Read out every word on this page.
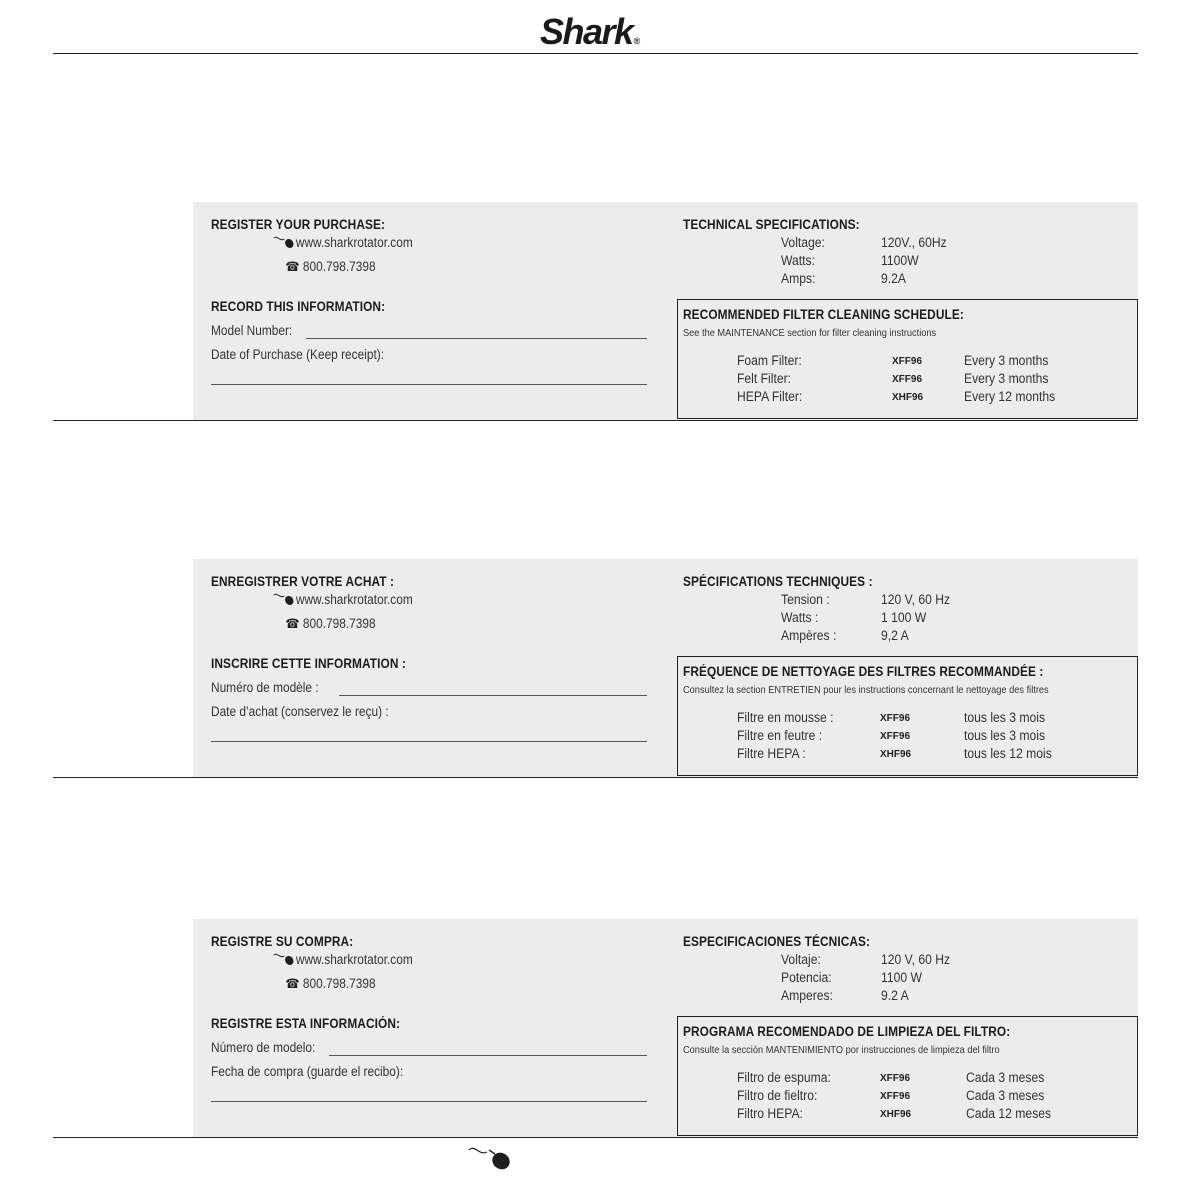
Shark®
REGISTER YOUR PURCHASE:
www.sharkrotator.com
☎ 800.798.7398
RECORD THIS INFORMATION:
Model Number:
Date of Purchase (Keep receipt):
TECHNICAL SPECIFICATIONS:
Voltage:	120V., 60Hz
Watts:	1100W
Amps:	9.2A
RECOMMENDED FILTER CLEANING SCHEDULE:
See the MAINTENANCE section for filter cleaning instructions
Foam Filter:	XFF96	Every 3 months
Felt Filter:	XFF96	Every 3 months
HEPA Filter:	XHF96	Every 12 months
ENREGISTRER VOTRE ACHAT :
www.sharkrotator.com
☎ 800.798.7398
INSCRIRE CETTE INFORMATION :
Numéro de modèle :
Date d’achat (conservez le reçu) :
SPÉCIFICATIONS TECHNIQUES :
Tension :	120 V, 60 Hz
Watts :	1 100 W
Ampères :	9,2 A
FRÉQUENCE DE NETTOYAGE DES FILTRES RECOMMANDÉE :
Consultez la section ENTRETIEN pour les instructions concernant le nettoyage des filtres
Filtre en mousse :	XFF96	tous les 3 mois
Filtre en feutre :	XFF96	tous les 3 mois
Filtre HEPA :	XHF96	tous les 12 mois
REGISTRE SU COMPRA:
www.sharkrotator.com
☎ 800.798.7398
REGISTRE ESTA INFORMACIÓN:
Número de modelo:
Fecha de compra (guarde el recibo):
ESPECIFICACIONES TÉCNICAS:
Voltaje:	120 V, 60 Hz
Potencia:	1100 W
Amperes:	9.2 A
PROGRAMA RECOMENDADO DE LIMPIEZA DEL FILTRO:
Consulte la sección MANTENIMIENTO por instrucciones de limpieza del filtro
Filtro de espuma:	XFF96	Cada 3 meses
Filtro de fieltro:	XFF96	Cada 3 meses
Filtro HEPA:	XHF96	Cada 12 meses
